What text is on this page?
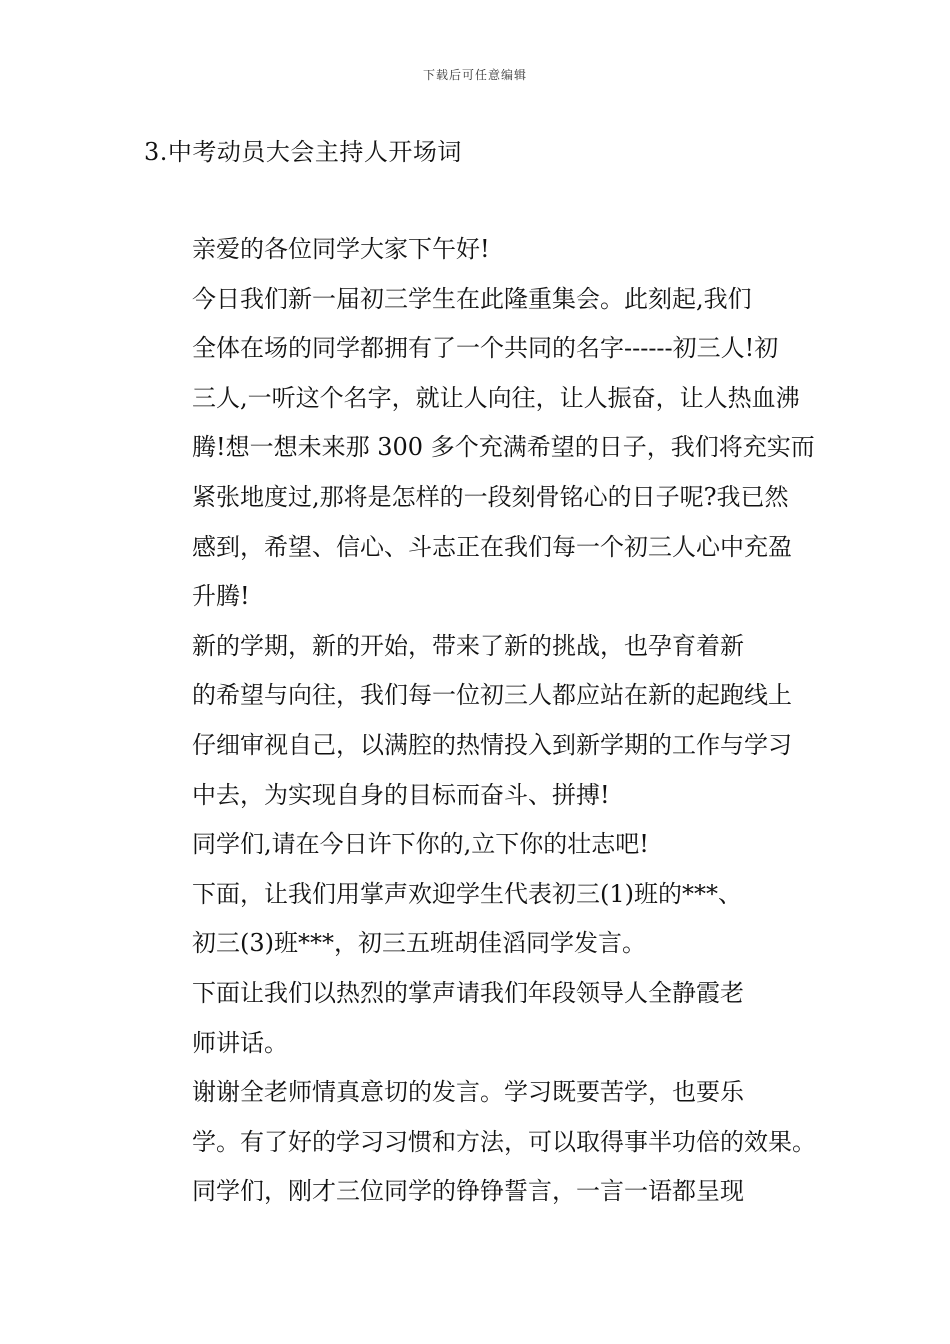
下载后可任意编辑
3.中考动员大会主持人开场词

亲爱的各位同学大家下午好!

今日我们新一届初三学生在此隆重集会。此刻起,我们
全体在场的同学都拥有了一个共同的名字------初三人!初
三人,一听这个名字，就让人向往，让人振奋，让人热血沸
腾!想一想未来那 300 多个充满希望的日子，我们将充实而
紧张地度过,那将是怎样的一段刻骨铭心的日子呢?我已然
感到，希望、信心、斗志正在我们每一个初三人心中充盈
升腾!

新的学期，新的开始，带来了新的挑战，也孕育着新
的希望与向往，我们每一位初三人都应站在新的起跑线上
仔细审视自己，以满腔的热情投入到新学期的工作与学习
中去，为实现自身的目标而奋斗、拼搏!

同学们,请在今日许下你的,立下你的壮志吧!

下面，让我们用掌声欢迎学生代表初三(1)班的***、
初三(3)班***，初三五班胡佳滔同学发言。

下面让我们以热烈的掌声请我们年段领导人全静霞老
师讲话。

谢谢全老师情真意切的发言。学习既要苦学，也要乐
学。有了好的学习习惯和方法，可以取得事半功倍的效果。

同学们，刚才三位同学的铮铮誓言，一言一语都呈现
